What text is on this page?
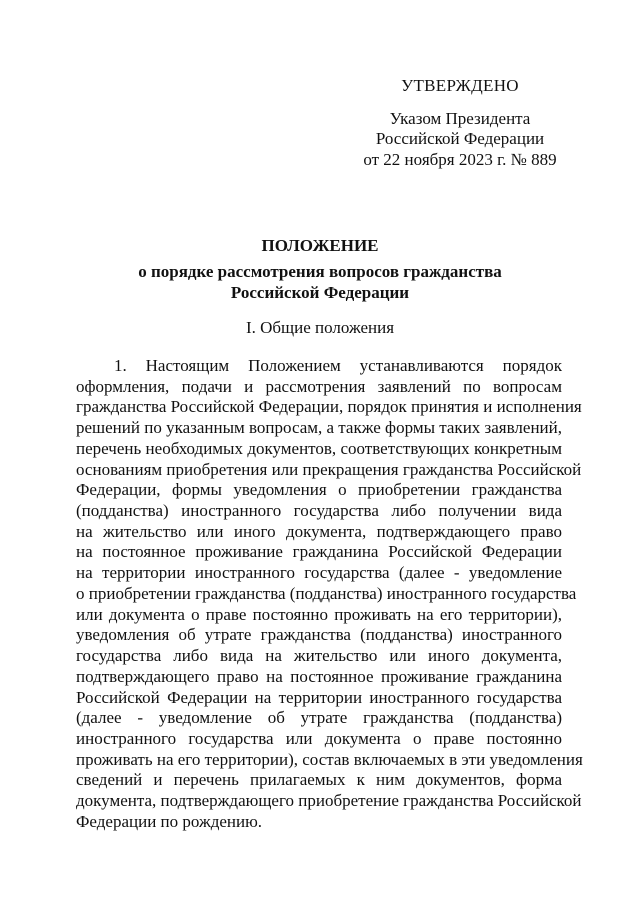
УТВЕРЖДЕНО
Указом Президента
Российской Федерации
от 22 ноября 2023 г. № 889
ПОЛОЖЕНИЕ
о порядке рассмотрения вопросов гражданства
Российской Федерации
I. Общие положения
1. Настоящим Положением устанавливаются порядок
оформления, подачи и рассмотрения заявлений по вопросам
гражданства Российской Федерации, порядок принятия и исполнения
решений по указанным вопросам, а также формы таких заявлений,
перечень необходимых документов, соответствующих конкретным
основаниям приобретения или прекращения гражданства Российской
Федерации, формы уведомления о приобретении гражданства
(подданства) иностранного государства либо получении вида
на жительство или иного документа, подтверждающего право
на постоянное проживание гражданина Российской Федерации
на территории иностранного государства (далее - уведомление
о приобретении гражданства (подданства) иностранного государства
или документа о праве постоянно проживать на его территории),
уведомления об утрате гражданства (подданства) иностранного
государства либо вида на жительство или иного документа,
подтверждающего право на постоянное проживание гражданина
Российской Федерации на территории иностранного государства
(далее - уведомление об утрате гражданства (подданства)
иностранного государства или документа о праве постоянно
проживать на его территории), состав включаемых в эти уведомления
сведений и перечень прилагаемых к ним документов, форма
документа, подтверждающего приобретение гражданства Российской
Федерации по рождению.
